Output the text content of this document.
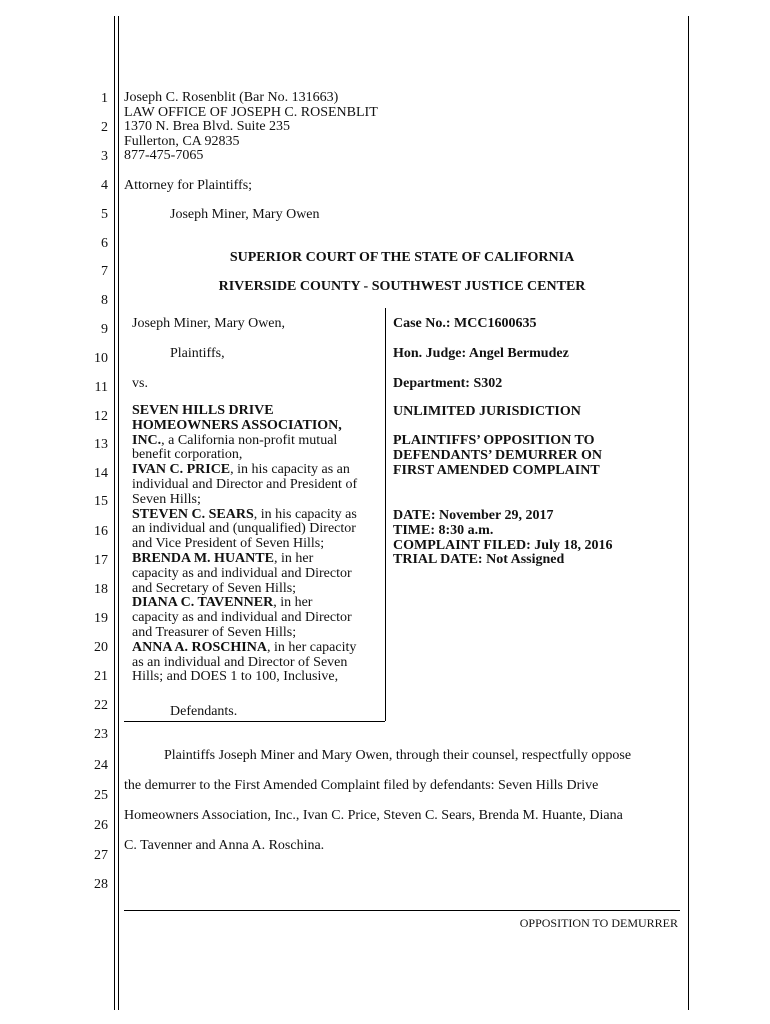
1
2
3
4
5
6
7
8
9
10
11
12
13
14
15
16
17
18
19
20
21
22
23
24
25
26
27
28
Joseph C. Rosenblit (Bar No. 131663)
LAW OFFICE OF JOSEPH C. ROSENBLIT
1370 N. Brea Blvd. Suite 235
Fullerton, CA 92835
877-475-7065
Attorney for Plaintiffs;
Joseph Miner, Mary Owen
SUPERIOR COURT OF THE STATE OF CALIFORNIA
RIVERSIDE COUNTY - SOUTHWEST JUSTICE CENTER
Joseph Miner, Mary Owen,
Plaintiffs,
vs.
SEVEN HILLS DRIVE
HOMEOWNERS ASSOCIATION,
INC., a California non-profit mutual
benefit corporation,
IVAN C. PRICE, in his capacity as an
individual and Director and President of
Seven Hills;
STEVEN C. SEARS, in his capacity as
an individual and (unqualified) Director
and Vice President of Seven Hills;
BRENDA M. HUANTE, in her
capacity as and individual and Director
and Secretary of Seven Hills;
DIANA C. TAVENNER, in her
capacity as and individual and Director
and Treasurer of Seven Hills;
ANNA A. ROSCHINA, in her capacity
as an individual and Director of Seven
Hills; and DOES 1 to 100, Inclusive,
Defendants.
Case No.: MCC1600635
Hon. Judge: Angel Bermudez
Department: S302
UNLIMITED JURISDICTION
PLAINTIFFS’ OPPOSITION TO
DEFENDANTS’ DEMURRER ON
FIRST AMENDED COMPLAINT
DATE: November 29, 2017
TIME: 8:30 a.m.
COMPLAINT FILED: July 18, 2016
TRIAL DATE: Not Assigned
Plaintiffs Joseph Miner and Mary Owen, through their counsel, respectfully oppose
the demurrer to the First Amended Complaint filed by defendants: Seven Hills Drive
Homeowners Association, Inc., Ivan C. Price, Steven C. Sears, Brenda M. Huante, Diana
C. Tavenner and Anna A. Roschina.
OPPOSITION TO DEMURRER
